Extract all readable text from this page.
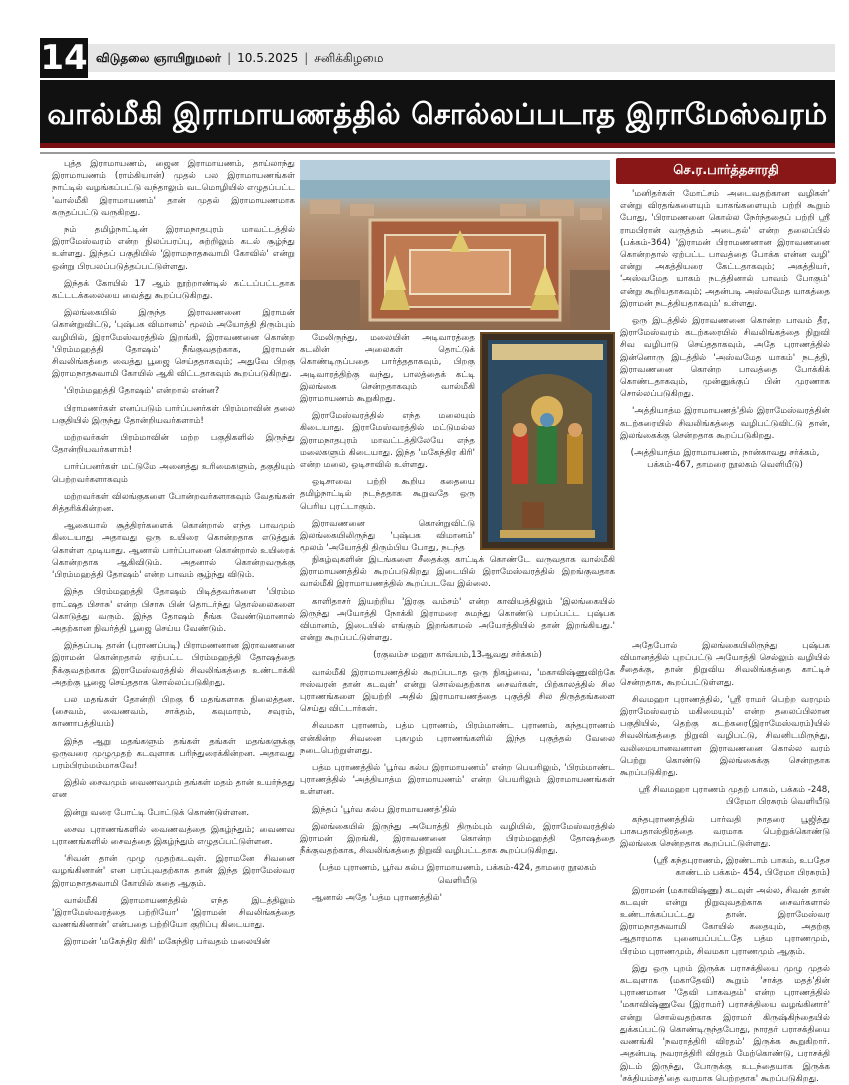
14 விடுதலை ஞாயிறுமலர் | 10.5.2025 | சனிக்கிழமை
வால்மீகி இராமாயணத்தில் சொல்லப்படாத இராமேஸ்வரம்

புத்த இராமாயணம், ஜைன இராமாயணம், தாய்லாந்து இராமாயணம் (ராம்கியான்) முதல் பல இராமாயணங்கள் நாட்டில் வழங்கப்பட்டு வந்தாலும் வடமொழியில் எழுதப்பட்ட 'வால்மீகி இராமாயணம்' தான் முதல் இராமாயணமாக கருதப்பட்டு வருகிறது.

நம் தமிழ்நாட்டின் இராமநாதபுரம் மாவட்டத்தில் இராமேஸ்வரம் என்ற நிலப்பரப்பு, சுற்றிலும் கடல் சூழ்ந்து உள்ளது. இந்தப் பகுதியில் 'இராமநாதசுவாமி கோவில்' என்று ஒன்று பிரபலப்படுத்தப்பட்டுள்ளது.

இந்தக் கோயில் 17 ஆம் நூற்றாண்டில் கட்டப்பட்டதாக கட்டடக்கலையை வைத்து கூறப்படுகிறது.

இலங்கையில் இருந்த இராவணனை இராமன் கொன்றுவிட்டு, 'புஷ்பக விமானம்' மூலம் அயோத்தி திரும்பும் வழியில், இராமேஸ்வரத்தில் இறங்கி, இராவணனை கொன்ற 'பிரம்மஹத்தி தோஷம்' நீங்குவதற்காக, இராமன் சிவலிங்கத்தை வைத்து பூஜை செய்ததாகவும்; அதுவே பிறகு இராமநாதசுவாமி கோயில் ஆகி விட்டதாகவும் கூறப்படுகிறது.

'பிரம்மஹத்தி தோஷம்' என்றால் என்ன?

பிராமணர்கள் எனப்படும் பார்ப்பனர்கள் பிரம்மாவின் தலை பகுதியில் இருந்து தோன்றியவர்களாம்!

மற்றவர்கள் பிரம்மாவின் மற்ற பகுதிகளில் இருந்து தோன்றியவர்களாம்!

பார்ப்பனர்கள் மட்டுமே அனைத்து உரிமைகளும், தகுதியும் பெற்றவர்களாகவும்

மற்றவர்கள் விலங்குகளை போன்றவர்களாகவும் வேதங்கள் சித்தரிக்கின்றன.

ஆகையால் சூத்திரர்களைக் கொன்றால் எந்த பாவமும் கிடையாது அதாவது ஒரு உயிரை கொன்றதாக எடுத்துக் கொள்ள முடியாது. ஆனால் பார்ப்பானை கொன்றால் உயிரைக் கொன்றதாக ஆகிவிடும். அதனால் கொன்றவருக்கு 'பிரம்மஹத்தி தோஷம்' என்ற பாவம் சூழ்ந்து விடும்.

இந்த பிரம்மஹத்தி தோஷம் பிடித்தவர்களை 'பிரம்ம ராட்ஷத பிசாசு' என்ற பிசாசு பின் தொடர்ந்து தொல்லைகளை கொடுத்து வரும். இந்த தோஷம் நீங்க வேண்டுமானால் அதற்கான நிவர்த்தி பூஜை செய்ய வேண்டும்.

இந்தப்படி தான் (புராணப்படி) பிராமணனான இராவணனை இராமன் கொன்றதால் ஏற்பட்ட பிரம்மஹத்தி தோஷத்தை நீக்குவதற்காக இராமேஸ்வரத்தில் சிவலிங்கத்தை உண்டாக்கி அதற்கு பூஜை செய்ததாக சொல்லப்படுகிறது.

பல மதங்கள் தோன்றி பிறகு 6 மதங்களாக நிலைத்தன. (சைவம், வைணவம், சாக்தம், கவுமாரம், சவுரம், காணாபத்தியம்)

இந்த ஆறு மதங்களும் தங்கள் தங்கள் மதங்களுக்கு ஒருவரை முழுமுதற் கடவுளாக பரிந்துரைக்கின்றன. அதாவது பரம்பிரம்மம்மாகவே!

இதில் சைவமும் வைணவமும் தங்கள் மதம் தான் உயர்ந்தது என

இன்று வரை போட்டி போட்டுக் கொண்டுள்ளன.

சைவ புராணங்களில் வைணவத்தை இகழ்ந்தும்; வைணவ புராணங்களில் சைவத்தை இகழ்ந்தும் எழுதப்பட்டுள்ளன.

'சிவன் தான் முழு முதற்கடவுள். இராமனே சிவனை வழங்கினான்' என பரப்புவதற்காக தான் இந்த இராமேஸ்வர இராமநாதசுவாமி கோயில் கதை ஆகும்.

வால்மீகி இராமாயணத்தில் எந்த இடத்திலும் 'இராமேஸ்வரத்தை பற்றியோ' 'இராமன் சிவலிங்கத்தை வணங்கினான்' என்பதை பற்றியோ குறிப்பு கிடையாது.

இராமன் 'மகேந்திர கிரி' மகேந்திர பர்வதம் மலையின்

மேலிருந்து, மலையின் அடிவாரத்தை கடலின் அலைகள் தொட்டுக் கொண்டிருப்பதை பார்த்ததாகவும், பிறகு அடிவாரத்திற்கு வந்து, பாலத்தைக் கட்டி இலங்கை சென்றதாகவும் வால்மீகி இராமாயணம் கூறுகிறது.

இராமேஸ்வரத்தில் எந்த மலையும் கிடையாது. இராமேஸ்வரத்தில் மட்டுமல்ல இராமநாதபுரம் மாவட்டத்திலேயே எந்த மலைகளும் கிடையாது. இந்த 'மகேந்திர கிரி' என்ற மலை, ஒடிசாவில் உள்ளது.

ஒடிசாவை பற்றி கூறிய கதையை தமிழ்நாட்டில் நடந்ததாக கூறுவதே ஒரு பெரிய புரட்டாகும்.

இராவணனை கொன்றுவிட்டு இலங்கையிலிருந்து 'புஷ்பக விமானம்' மூலம் 'அயோத்தி திரும்பிய போது, நடந்த

நிகழ்வுகளின் இடங்களை சீதைக்கு காட்டிக் கொண்டே வருவதாக வால்மீகி இராமாயணத்தில் கூறப்படுகிறது இடையில் இராமேஸ்வரத்தில் இறங்குவதாக வால்மீகி இராமாயணத்தில் கூறப்படவே இல்லை.

காளிதாசர் இயற்றிய 'இரகு வம்சம்' என்ற காவியத்திலும் 'இலங்கையில் இருந்து அயோத்தி நோக்கி இராமரை சுமந்து கொண்டு பறப்பட்ட புஷ்பக விமானம், இடையில் எங்கும் இறங்காமல் அயோத்தியில் தான் இறங்கியது.' என்று கூறப்பட்டுள்ளது.

(ரகுவம்ச மஹா காவ்யம்,13ஆவது சர்க்கம்)

வால்மீகி இராமாயணத்தில் கூறப்படாத ஒரு நிகழ்வை, 'மகாவிஷ்ணுவிற்கே ஈஸ்வரன் தான் கடவுள்' என்று சொல்வதற்காக சைவர்கள், பிற்காலத்தில் சில புராணங்களை இயற்றி அதில் இராமாயணத்தை புகுத்தி சில திருத்தங்களை செய்து விட்டார்கள்.

சிவமகா புராணம், பத்ம புராணம், பிரம்மாண்ட புராணம், கந்தபுராணம் என்கின்ற சிவனை புகழும் புராணங்களில் இந்த புகுத்தல் வேலை நடைபெற்றுள்ளது.

பத்ம புராணத்தில் 'பூர்வ கல்ப இராமாயணம்' என்ற பெயரிலும், 'பிரம்மாண்ட புராணத்தில் 'அத்தியாத்ம இராமாயணம்' என்ற பெயரிலும் இராமாயணங்கள் உள்ளன.

இந்தப் 'பூர்வ கல்ப இராமாயணத்'தில்

இலங்கையில் இருந்து அயோத்தி திரும்பும் வழியில், இராமேஸ்வரத்தில் இராமன் இறங்கி, இராவணனை கொன்ற பிரம்மஹத்தி தோஷத்தை நீக்குவதற்காக, சிவலிங்கத்தை நிறுவி வழிபட்டதாக கூறப்படுகிறது.

(பத்ம புராணம், பூர்வ கல்ப இராமாயணம், பக்கம்-424, தாமரை நூலகம் வெளியீடு

ஆனால் அதே 'பத்ம புராணத்தில்'

செ.ர.பார்த்தசாரதி

'மனிதர்கள் மோட்சம் அடைவதற்கான வழிகள்' என்று விரதங்களையும் யாகங்களையும் பற்றி கூறும் போது, 'பிராமணனை கொல்ல நேர்ந்ததைப் பற்றி ஸ்ரீ ராமபிரான் வருத்தம் அடைதல்' என்ற தலைப்பில் (பக்கம்-364) 'இராமன் பிராமணனான இராவணனை கொன்றதால் ஏற்பட்ட பாவத்தை போக்க என்ன வழி' என்று அகத்தியரை கேட்டதாகவும்; அகத்தியர், 'அஸ்வமேத யாகம் நடத்தினால் பாவம் போகும்' என்று கூறியதாகவும்; அதன்படி அஸ்வமேத யாகத்தை இராமன் நடத்தியதாகவும்' உள்ளது.

ஒரு இடத்தில் இராவணனை கொன்ற பாவம் தீர, இராமேஸ்வரம் கடற்கரையில் சிவலிங்கத்தை நிறுவி சிவ வழிபாடு செய்ததாகவும், அதே புராணத்தில் இன்னொரு இடத்தில் 'அஸ்வமேத யாகம்' நடத்தி, இராவணனை கொன்ற பாவத்தை போக்கிக் கொண்டதாகவும், முன்னுக்குப் பின் முரணாக சொல்லப்படுகிறது.

'அத்தியாத்ம இராமாயணத்'தில் இராமேஸ்வரத்தின் கடற்கரையில் சிவலிங்கத்தை வழிபட்டுவிட்டு தான், இலங்கைக்கு சென்றதாக கூறப்படுகிறது.

(அத்தியாத்ம இராமாயணம், நான்காவது சர்க்கம், பக்கம்-467, தாமரை நூலகம் வெளியீடு)

அதேபோல் இலங்கையிலிருந்து புஷ்பக விமானத்தில் புறப்பட்டு அயோத்தி செல்லும் வழியில் சீதைக்கு, தான் நிறுவிய சிவலிங்கத்தை காட்டிச் சென்றதாக, கூறப்பட்டுள்ளது.

சிவமஹா புராணத்தில், 'ஸ்ரீ ராமர் பெற்ற வரமும் இராமேஸ்வரம் மகிமையும்' என்ற தலைப்பிலான பகுதியில், தெற்கு கடற்கரை(இராமேஸ்வரம்)யில் சிவலிங்கத்தை நிறுவி வழிபட்டு, சிவனிடமிருந்து, வலிமையானவனான இராவணனை கொல்ல வரம் பெற்று கொண்டு இலங்கைக்கு சென்றதாக கூறப்படுகிறது.

ஸ்ரீ சிவமஹா புராணம் முதற் பாகம், பக்கம் -248, பிரேமா பிரசுரம் வெளியீடு

கந்தபுராணத்தில் பார்வதி நாதரை பூஜித்து பாசுபதாஸ்திரத்தை வரமாக பெற்றுக்கொண்டு இலங்கை சென்றதாக கூறப்பட்டுள்ளது.

(ஸ்ரீ கந்தபுராணம், இரண்டாம் பாகம், உபதேச காண்டம் பக்கம்- 454, பிரேமா பிரசுரம்)

இராமன் (மகாவிஷ்ணு) கடவுள் அல்ல, சிவன் தான் கடவுள் என்று நிறுவுவதற்காக சைவர்களால் உண்டாக்கப்பட்டது தான். இராமேஸ்வர இராமநாதசுவாமி கோயில் கதையும், அதற்கு ஆதாரமாக புனையப்பட்டதே பத்ம புராணமும், பிரம்ம புராணமும், சிவமகா புராணமும் ஆகும்.

இது ஒரு புறம் இருக்க பராசக்தியை முழு முதல் கடவுளாக (மகாதேவி) கூறும் 'சாக்த மதத்'தின் புராணமான 'தேவி பாகவதம்' என்ற புராணத்தில் 'மகாவிஷ்ணுவே (இராமர்) பராசக்தியை வழங்கினார்' என்று சொல்வதற்காக இராமர் கிருஷ்கிந்தையில் துக்கப்பட்டு கொண்டிருந்தபோது, நாரதர் பராசக்தியை வணங்கி 'நவராத்திரி விரதம்' இருக்க கூறுகிறார். அதன்படி நவராத்திரி விரதம் மேற்கொண்டு, பராசக்தி இடம் இருந்து, போருக்கு உடந்தையாக இருக்க 'சக்தியம்சத்'தை வரமாக பெற்றதாக' கூறப்படுகிறது.
